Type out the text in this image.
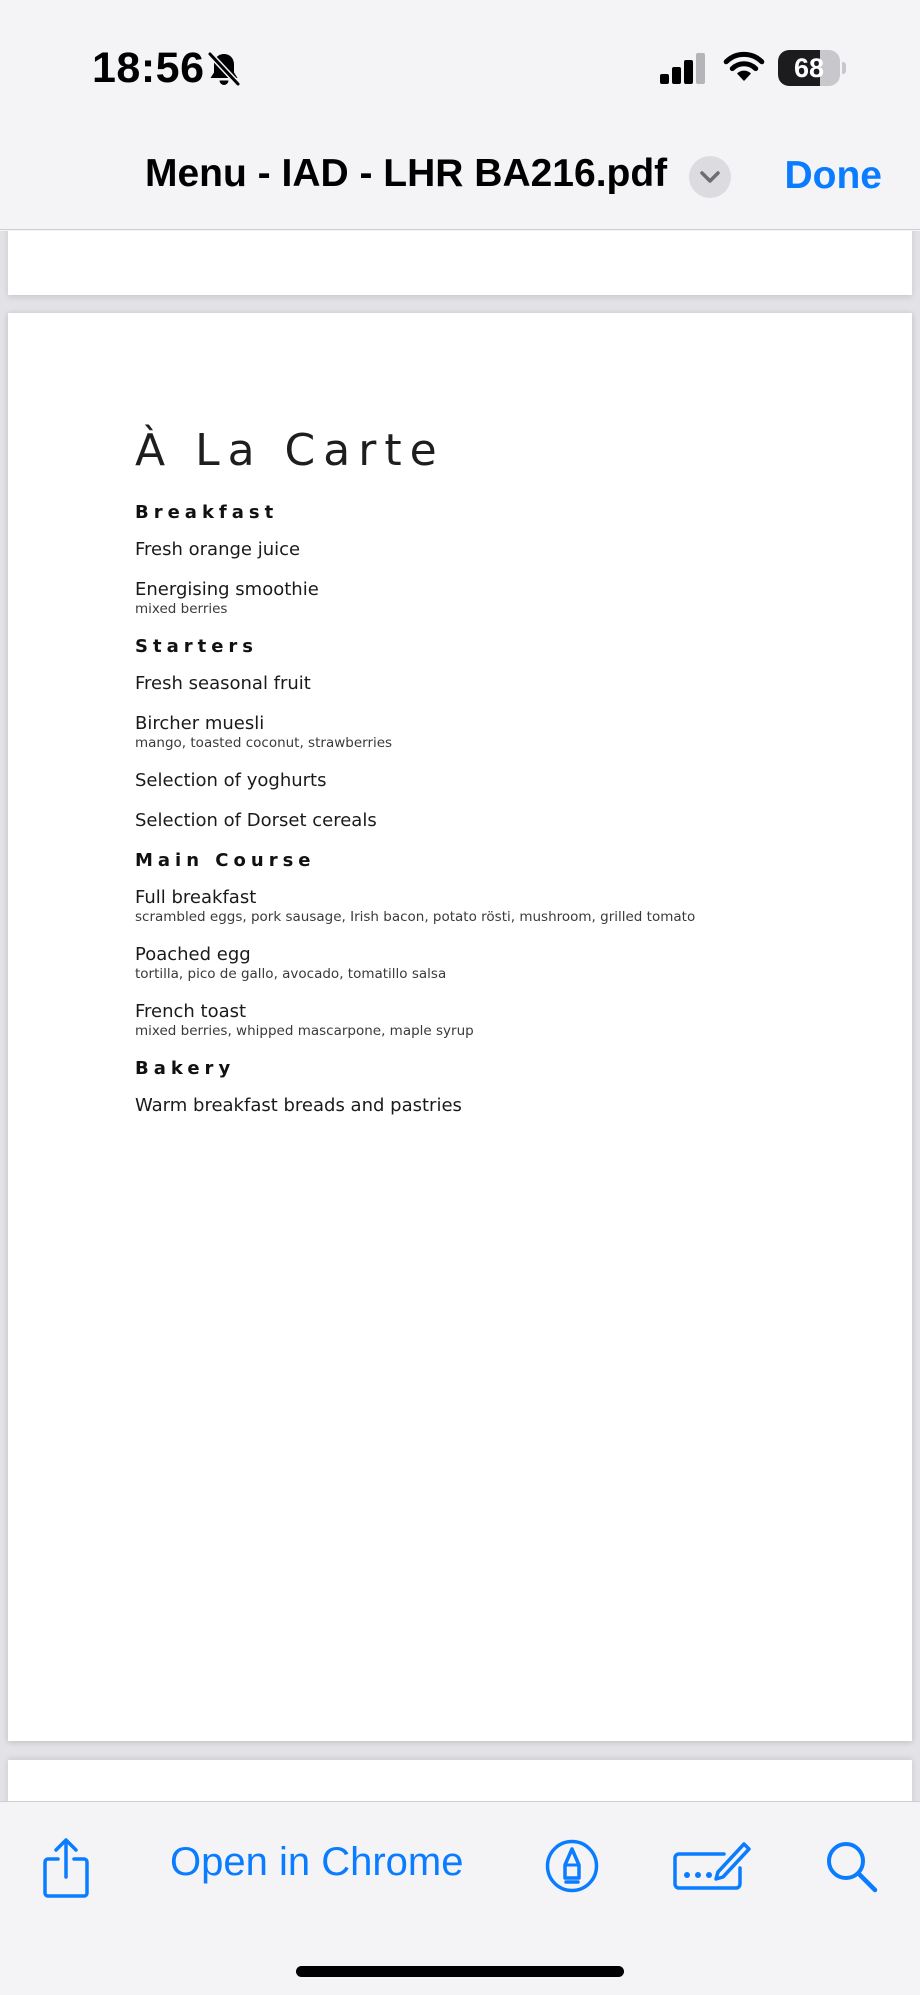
18:56	68
Menu - IAD - LHR BA216.pdf	Done
À La Carte
Breakfast
Fresh orange juice
Energising smoothie
mixed berries
Starters
Fresh seasonal fruit
Bircher muesli
mango, toasted coconut, strawberries
Selection of yoghurts
Selection of Dorset cereals
Main Course
Full breakfast
scrambled eggs, pork sausage, Irish bacon, potato rösti, mushroom, grilled tomato
Poached egg
tortilla, pico de gallo, avocado, tomatillo salsa
French toast
mixed berries, whipped mascarpone, maple syrup
Bakery
Warm breakfast breads and pastries
Open in Chrome
